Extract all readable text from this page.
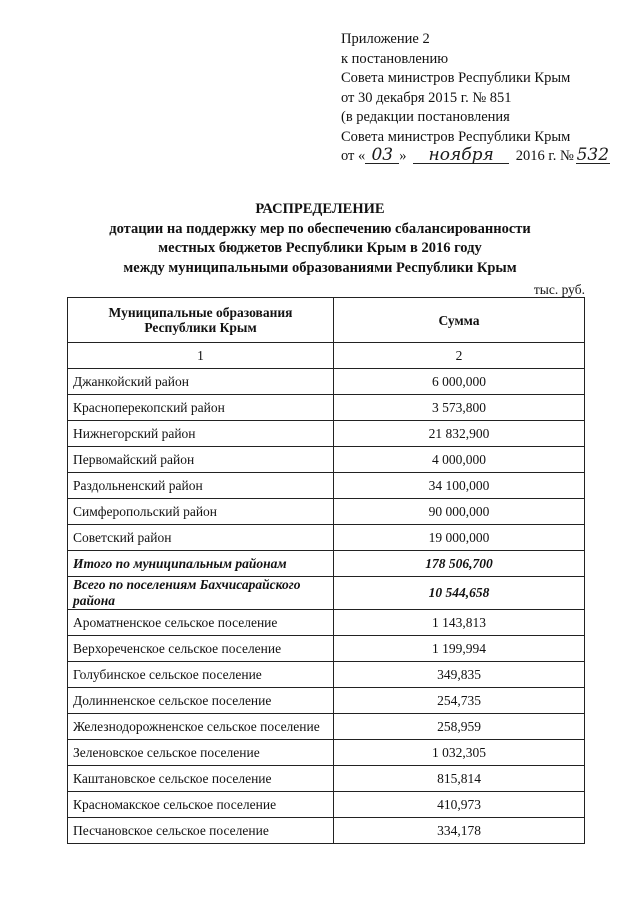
Приложение 2
к постановлению
Совета министров Республики Крым
от 30 декабря 2015 г. № 851
(в редакции постановления
Совета министров Республики Крым
от « 03 » ноября 2016 г. № 532
РАСПРЕДЕЛЕНИЕ
дотации на поддержку мер по обеспечению сбалансированности
местных бюджетов Республики Крым в 2016 году
между муниципальными образованиями Республики Крым
тыс. руб.
Муниципальные образования
Республики Крым	Сумма
1	2
Джанкойский район	6 000,000
Красноперекопский район	3 573,800
Нижнегорский район	21 832,900
Первомайский район	4 000,000
Раздольненский район	34 100,000
Симферопольский район	90 000,000
Советский район	19 000,000
Итого по муниципальным районам	178 506,700
Всего по поселениям Бахчисарайского района	10 544,658
Ароматненское сельское поселение	1 143,813
Верхореченское сельское поселение	1 199,994
Голубинское сельское поселение	349,835
Долинненское сельское поселение	254,735
Железнодорожненское сельское поселение	258,959
Зеленовское сельское поселение	1 032,305
Каштановское сельское поселение	815,814
Красномакское сельское поселение	410,973
Песчановское сельское поселение	334,178
